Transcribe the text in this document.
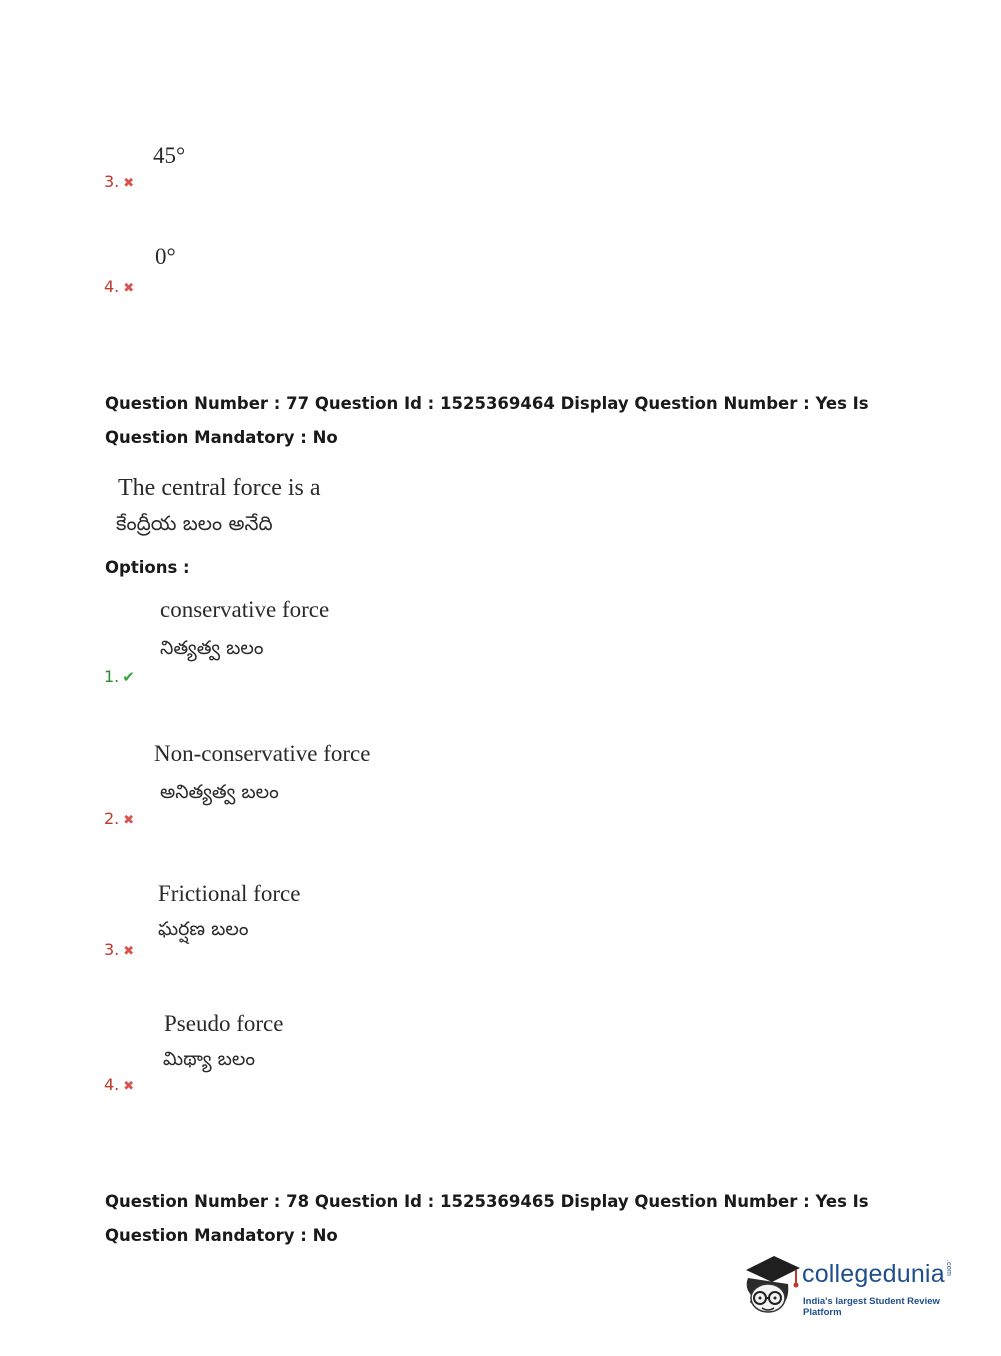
45°
3. ✖
0°
4. ✖
Question Number : 77 Question Id : 1525369464 Display Question Number : Yes Is Question Mandatory : No
The central force is a
కేంద్రీయ బలం అనేది
Options :
conservative force
నిత్యత్వ బలం
1. ✔
Non-conservative force
అనిత్యత్వ బలం
2. ✖
Frictional force
ఘర్షణ బలం
3. ✖
Pseudo force
మిథ్యా బలం
4. ✖
Question Number : 78 Question Id : 1525369465 Display Question Number : Yes Is Question Mandatory : No
collegedunia.com
India's largest Student Review Platform
